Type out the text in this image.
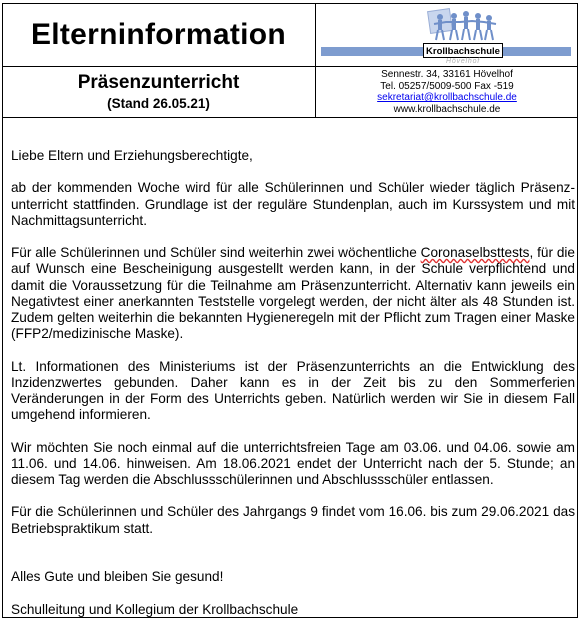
Elterninformation
Krollbachschule
Hövelhof
Präsenzunterricht
(Stand 26.05.21)
Sennestr. 34, 33161 Hövelhof
Tel. 05257/5009-500 Fax -519
sekretariat@krollbachschule.de
www.krollbachschule.de

Liebe Eltern und Erziehungsberechtigte,

ab der kommenden Woche wird für alle Schülerinnen und Schüler wieder täglich Präsenz-unterricht stattfinden. Grundlage ist der reguläre Stundenplan, auch im Kurssystem und mit Nachmittagsunterricht.

Für alle Schülerinnen und Schüler sind weiterhin zwei wöchentliche Coronaselbsttests, für die auf Wunsch eine Bescheinigung ausgestellt werden kann, in der Schule verpflichtend und damit die Voraussetzung für die Teilnahme am Präsenzunterricht. Alternativ kann jeweils ein Negativtest einer anerkannten Teststelle vorgelegt werden, der nicht älter als 48 Stunden ist. Zudem gelten weiterhin die bekannten Hygieneregeln mit der Pflicht zum Tragen einer Maske (FFP2/medizinische Maske).

Lt. Informationen des Ministeriums ist der Präsenzunterrichts an die Entwicklung des Inzidenzwertes gebunden. Daher kann es in der Zeit bis zu den Sommerferien Veränderungen in der Form des Unterrichts geben. Natürlich werden wir Sie in diesem Fall umgehend informieren.

Wir möchten Sie noch einmal auf die unterrichtsfreien Tage am 03.06. und 04.06. sowie am 11.06. und 14.06. hinweisen. Am 18.06.2021 endet der Unterricht nach der 5. Stunde; an diesem Tag werden die Abschlussschülerinnen und Abschlussschüler entlassen.

Für die Schülerinnen und Schüler des Jahrgangs 9 findet vom 16.06. bis zum 29.06.2021 das Betriebspraktikum statt.

Alles Gute und bleiben Sie gesund!

Schulleitung und Kollegium der Krollbachschule
